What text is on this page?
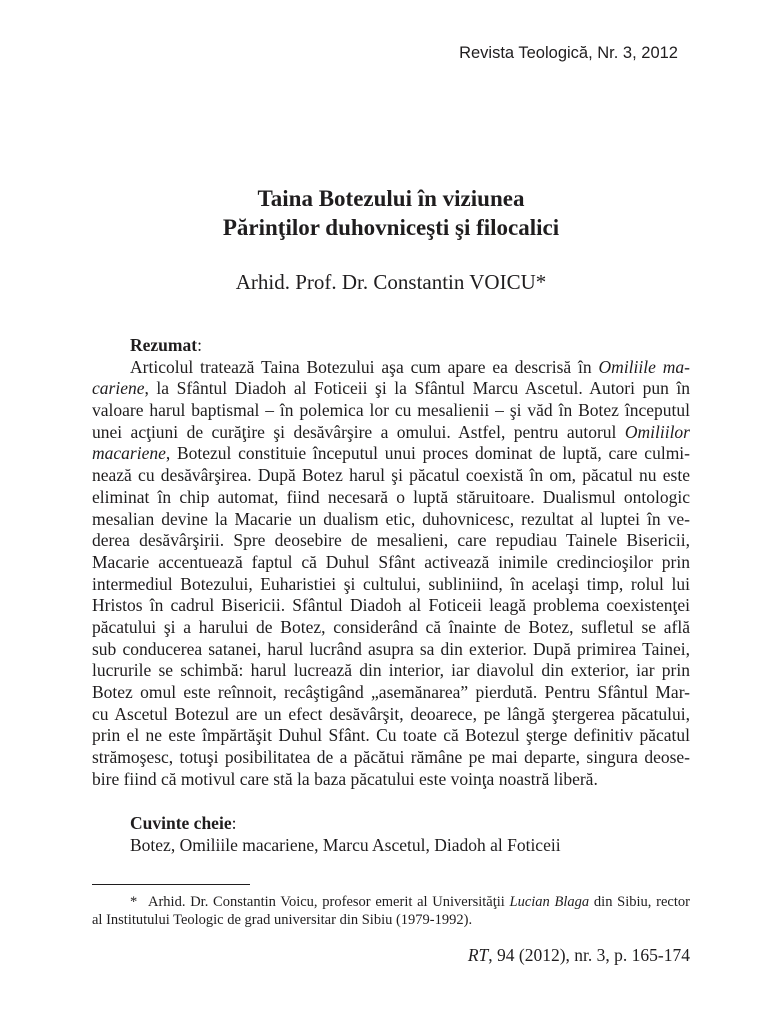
Revista Teologică, Nr. 3, 2012
Taina Botezului în viziunea
Părinţilor duhovniceşti şi filocalici
Arhid. Prof. Dr. Constantin VOICU*
Rezumat:
Articolul tratează Taina Botezului aşa cum apare ea descrisă în Omiliile ma-
cariene, la Sfântul Diadoh al Foticeii şi la Sfântul Marcu Ascetul. Autori pun în
valoare harul baptismal – în polemica lor cu mesalienii – şi văd în Botez începutul
unei acţiuni de curăţire şi desăvârşire a omului. Astfel, pentru autorul Omiliilor
macariene, Botezul constituie începutul unui proces dominat de luptă, care culmi-
nează cu desăvârşirea. După Botez harul şi păcatul coexistă în om, păcatul nu este
eliminat în chip automat, fiind necesară o luptă stăruitoare. Dualismul ontologic
mesalian devine la Macarie un dualism etic, duhovnicesc, rezultat al luptei în ve-
derea desăvârşirii. Spre deosebire de mesalieni, care repudiau Tainele Bisericii,
Macarie accentuează faptul că Duhul Sfânt activează inimile credincioşilor prin
intermediul Botezului, Euharistiei şi cultului, subliniind, în acelaşi timp, rolul lui
Hristos în cadrul Bisericii. Sfântul Diadoh al Foticeii leagă problema coexistenţei
păcatului şi a harului de Botez, considerând că înainte de Botez, sufletul se află
sub conducerea satanei, harul lucrând asupra sa din exterior. După primirea Tainei,
lucrurile se schimbă: harul lucrează din interior, iar diavolul din exterior, iar prin
Botez omul este reînnoit, recâştigând „asemănarea” pierdută. Pentru Sfântul Mar-
cu Ascetul Botezul are un efect desăvârşit, deoarece, pe lângă ştergerea păcatului,
prin el ne este împărtăşit Duhul Sfânt. Cu toate că Botezul şterge definitiv păcatul
strămoşesc, totuşi posibilitatea de a păcătui rămâne pe mai departe, singura deose-
bire fiind că motivul care stă la baza păcatului este voinţa noastră liberă.
Cuvinte cheie:
Botez, Omiliile macariene, Marcu Ascetul, Diadoh al Foticeii
* Arhid. Dr. Constantin Voicu, profesor emerit al Universităţii Lucian Blaga din Sibiu, rector
al Institutului Teologic de grad universitar din Sibiu (1979-1992).
RT, 94 (2012), nr. 3, p. 165-174
